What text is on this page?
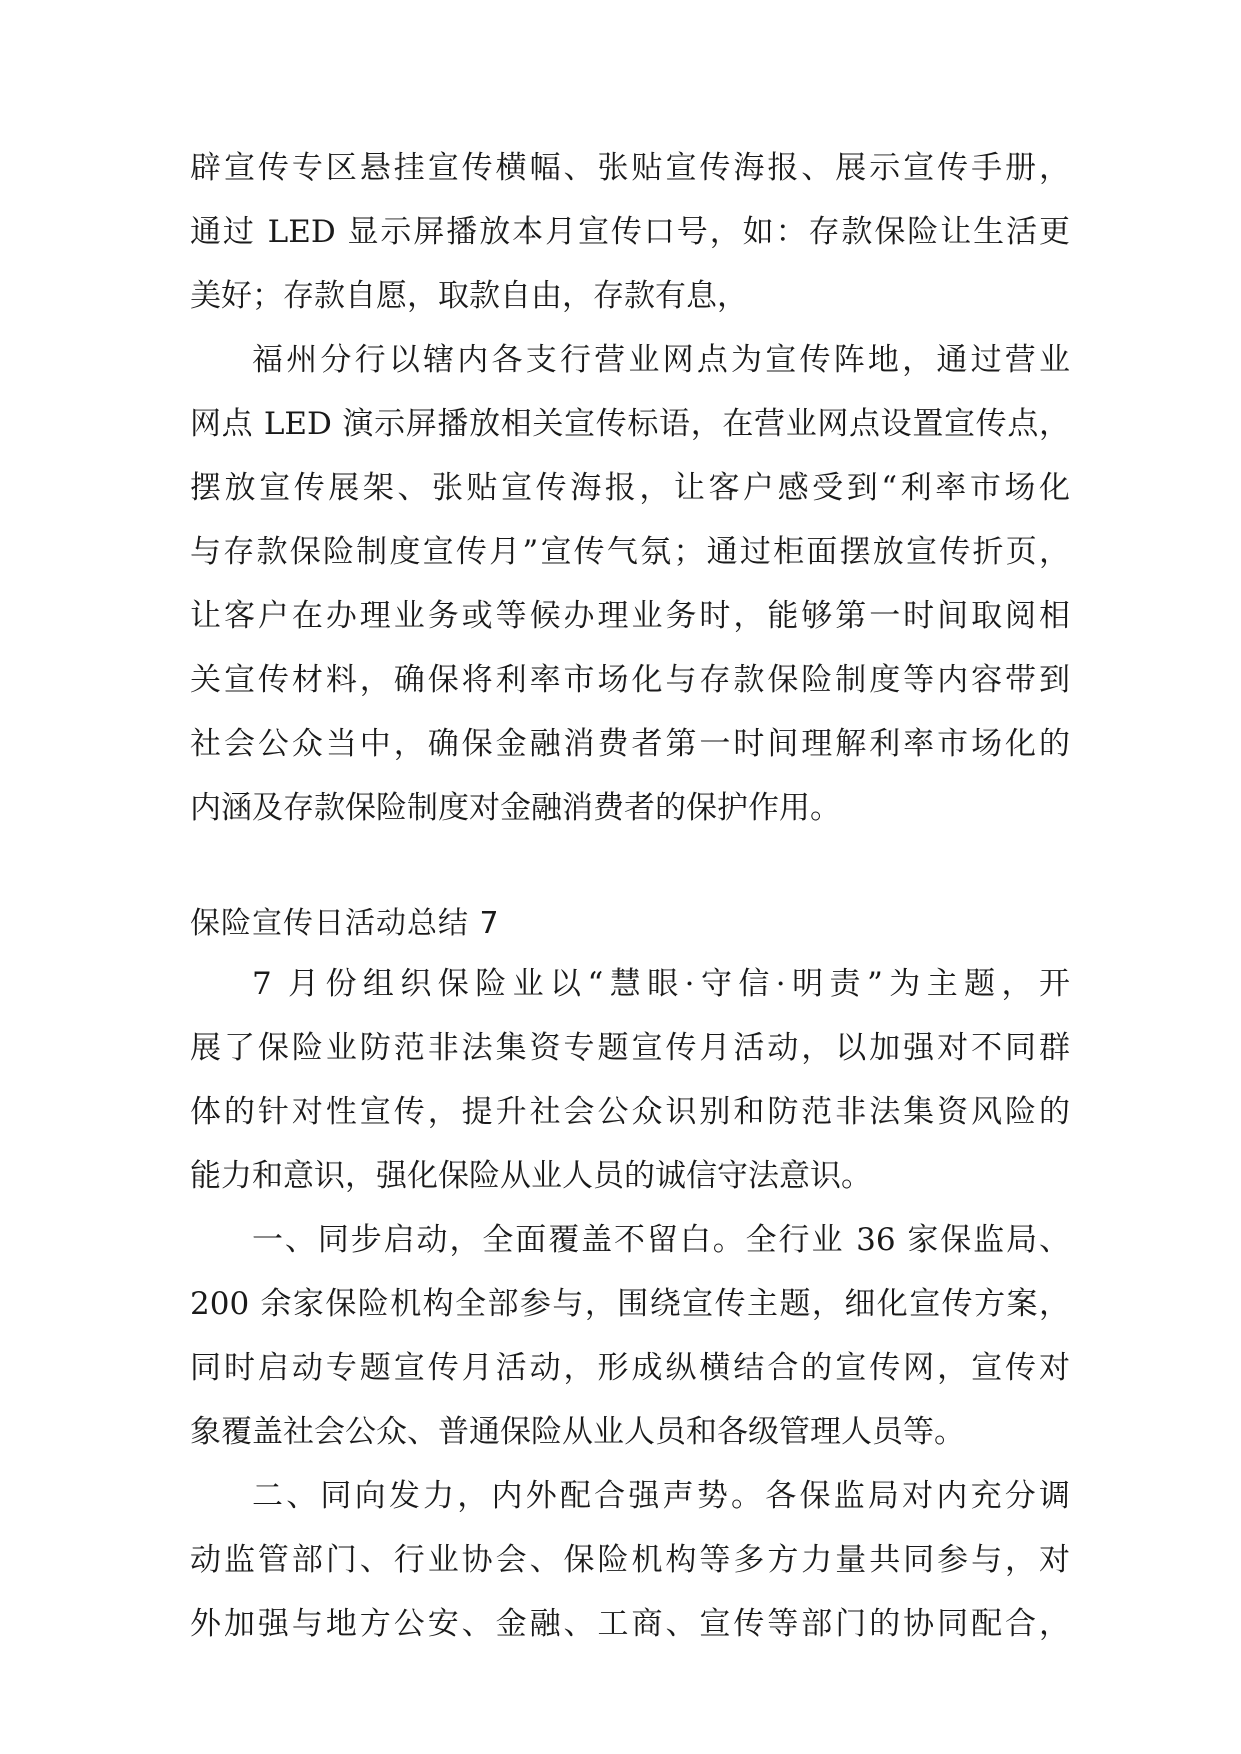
辟宣传专区悬挂宣传横幅、张贴宣传海报、展示宣传手册，
通过 LED 显示屏播放本月宣传口号，如：存款保险让生活更
美好；存款自愿，取款自由，存款有息，
福州分行以辖内各支行营业网点为宣传阵地，通过营业
网点 LED 演示屏播放相关宣传标语，在营业网点设置宣传点，
摆放宣传展架、张贴宣传海报，让客户感受到“利率市场化
与存款保险制度宣传月”宣传气氛；通过柜面摆放宣传折页，
让客户在办理业务或等候办理业务时，能够第一时间取阅相
关宣传材料，确保将利率市场化与存款保险制度等内容带到
社会公众当中，确保金融消费者第一时间理解利率市场化的
内涵及存款保险制度对金融消费者的保护作用。
保险宣传日活动总结 7
7 月份组织保险业以“慧眼·守信·明责”为主题，开
展了保险业防范非法集资专题宣传月活动，以加强对不同群
体的针对性宣传，提升社会公众识别和防范非法集资风险的
能力和意识，强化保险从业人员的诚信守法意识。
一、同步启动，全面覆盖不留白。全行业 36 家保监局、
200 余家保险机构全部参与，围绕宣传主题，细化宣传方案，
同时启动专题宣传月活动，形成纵横结合的宣传网，宣传对
象覆盖社会公众、普通保险从业人员和各级管理人员等。
二、同向发力，内外配合强声势。各保监局对内充分调
动监管部门、行业协会、保险机构等多方力量共同参与，对
外加强与地方公安、金融、工商、宣传等部门的协同配合，
